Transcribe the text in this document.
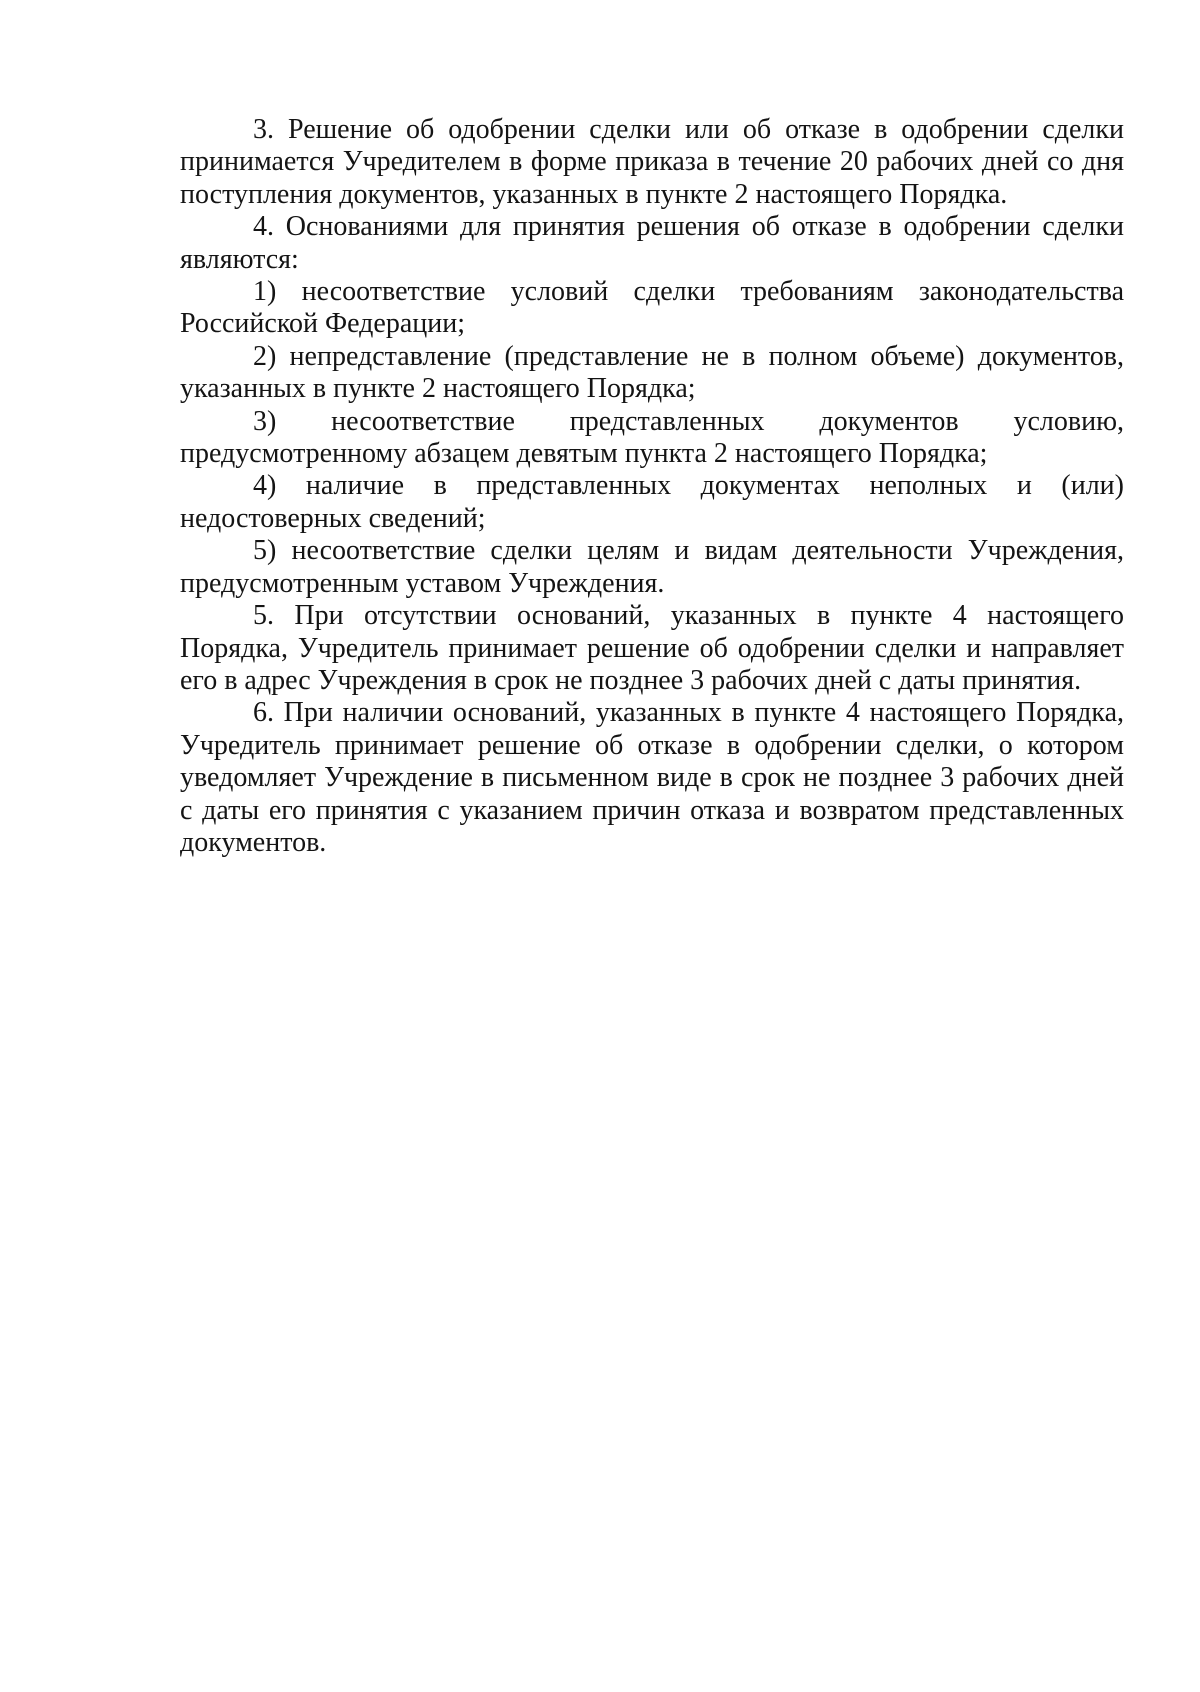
3. Решение об одобрении сделки или об отказе в одобрении сделки принимается Учредителем в форме приказа в течение 20 рабочих дней со дня поступления документов, указанных в пункте 2 настоящего Порядка.

4. Основаниями для принятия решения об отказе в одобрении сделки являются:

1) несоответствие условий сделки требованиям законодательства Российской Федерации;

2) непредставление (представление не в полном объеме) документов, указанных в пункте 2 настоящего Порядка;

3) несоответствие представленных документов условию, предусмотренному абзацем девятым пункта 2 настоящего Порядка;

4) наличие в представленных документах неполных и (или) недостоверных сведений;

5) несоответствие сделки целям и видам деятельности Учреждения, предусмотренным уставом Учреждения.

5. При отсутствии оснований, указанных в пункте 4 настоящего Порядка, Учредитель принимает решение об одобрении сделки и направляет его в адрес Учреждения в срок не позднее 3 рабочих дней с даты принятия.

6. При наличии оснований, указанных в пункте 4 настоящего Порядка, Учредитель принимает решение об отказе в одобрении сделки, о котором уведомляет Учреждение в письменном виде в срок не позднее 3 рабочих дней с даты его принятия с указанием причин отказа и возвратом представленных документов.
